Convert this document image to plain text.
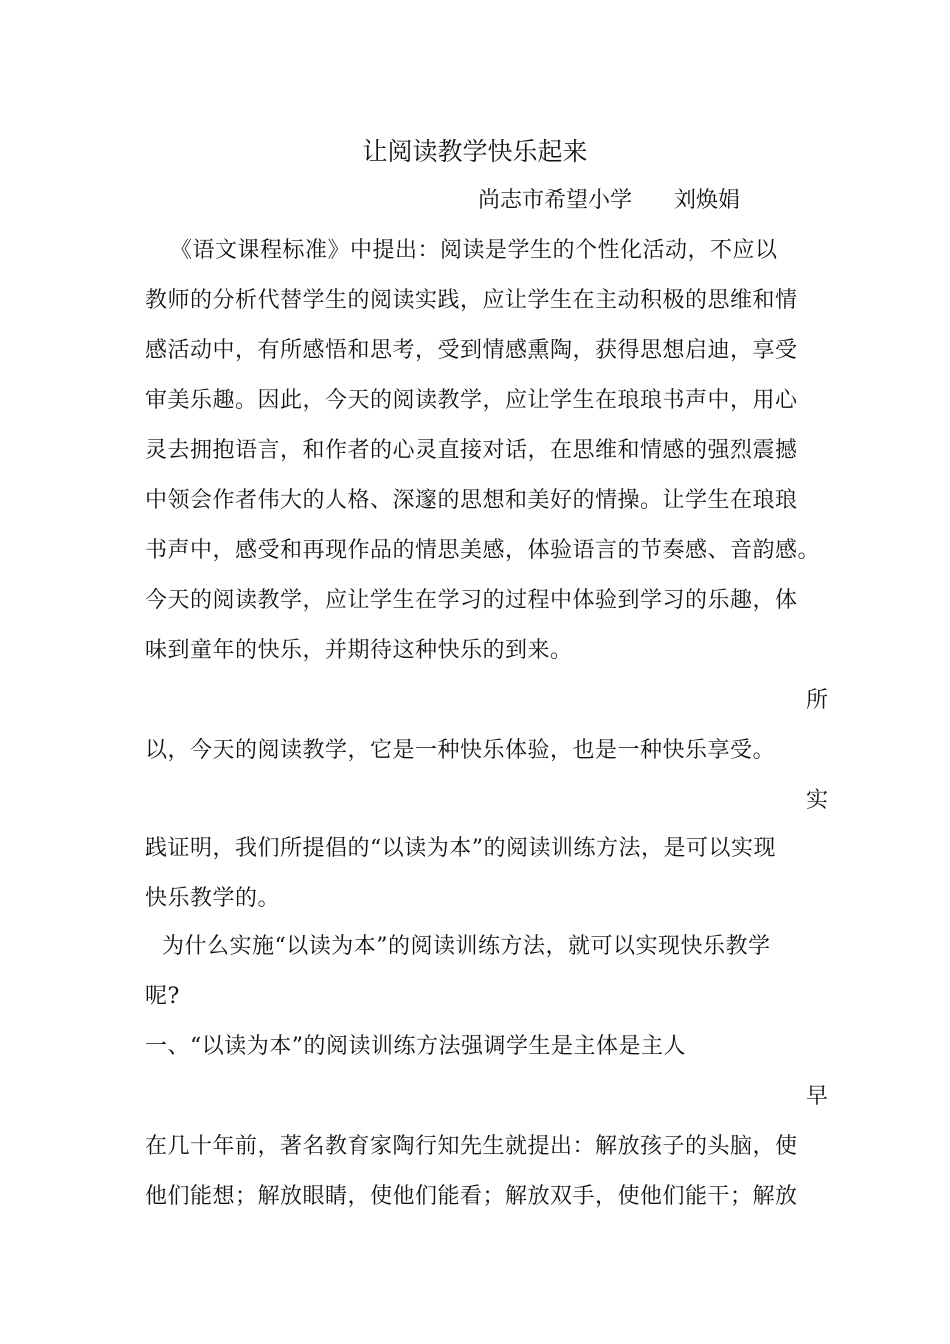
让阅读教学快乐起来
尚志市希望小学 刘焕娟
《语文课程标准》中提出：阅读是学生的个性化活动，不应以
教师的分析代替学生的阅读实践，应让学生在主动积极的思维和情
感活动中，有所感悟和思考，受到情感熏陶，获得思想启迪，享受
审美乐趣。因此，今天的阅读教学，应让学生在琅琅书声中，用心
灵去拥抱语言，和作者的心灵直接对话，在思维和情感的强烈震撼
中领会作者伟大的人格、深邃的思想和美好的情操。让学生在琅琅
书声中，感受和再现作品的情思美感，体验语言的节奏感、音韵感。
今天的阅读教学，应让学生在学习的过程中体验到学习的乐趣，体
味到童年的快乐，并期待这种快乐的到来。
所
以，今天的阅读教学，它是一种快乐体验，也是一种快乐享受。
实
践证明，我们所提倡的“以读为本”的阅读训练方法，是可以实现
快乐教学的。
为什么实施“以读为本”的阅读训练方法，就可以实现快乐教学
呢?
一、“以读为本”的阅读训练方法强调学生是主体是主人
早
在几十年前，著名教育家陶行知先生就提出：解放孩子的头脑，使
他们能想；解放眼睛，使他们能看；解放双手，使他们能干；解放
